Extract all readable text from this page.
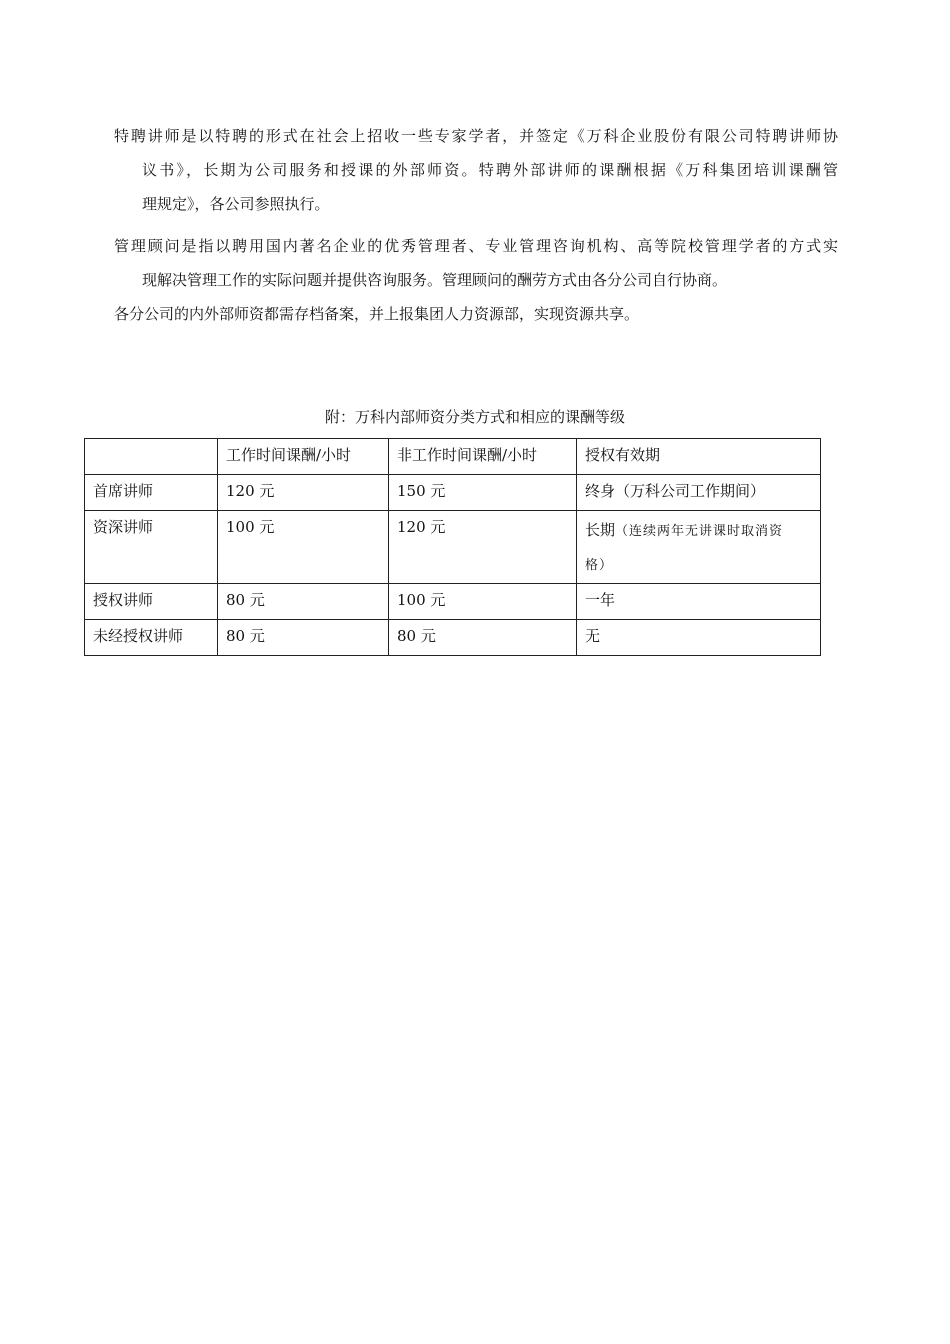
特聘讲师是以特聘的形式在社会上招收一些专家学者，并签定《万科企业股份有限公司特聘讲师协
议书》，长期为公司服务和授课的外部师资。特聘外部讲师的课酬根据《万科集团培训课酬管
理规定》，各公司参照执行。

管理顾问是指以聘用国内著名企业的优秀管理者、专业管理咨询机构、高等院校管理学者的方式实
现解决管理工作的实际问题并提供咨询服务。管理顾问的酬劳方式由各分公司自行协商。

各分公司的内外部师资都需存档备案，并上报集团人力资源部，实现资源共享。

附：万科内部师资分类方式和相应的课酬等级
	工作时间课酬/小时	非工作时间课酬/小时	授权有效期
首席讲师	120 元	150 元	终身（万科公司工作期间）
资深讲师	100 元	120 元	长期（连续两年无讲课时取消资
格）
授权讲师	80 元	100 元	一年
未经授权讲师	80 元	80 元	无
